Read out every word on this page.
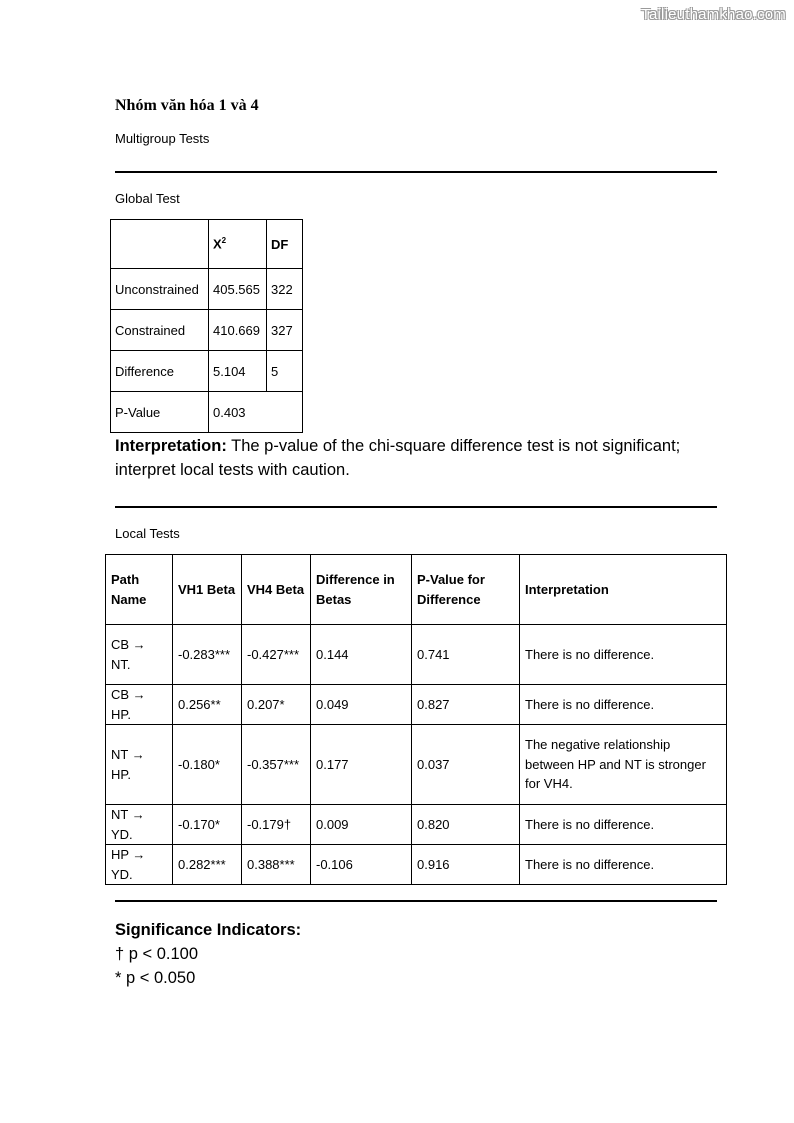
Tailieuthamkhao.com
Nhóm văn hóa 1 và 4
Multigroup Tests
Global Test
	$X^2$	DF
Unconstrained	405.565	322
Constrained	410.669	327
Difference	5.104	5
P-Value	0.403	
Interpretation: The p-value of the chi-square difference test is not significant; interpret local tests with caution.
Local Tests
Path Name	VH1 Beta	VH4 Beta	Difference in Betas	P-Value for Difference	Interpretation
CB → NT.	-0.283***	-0.427***	0.144	0.741	There is no difference.
CB → HP.	0.256**	0.207*	0.049	0.827	There is no difference.
NT → HP.	-0.180*	-0.357***	0.177	0.037	The negative relationship between HP and NT is stronger for VH4.
NT → YD.	-0.170*	-0.179†	0.009	0.820	There is no difference.
HP → YD.	0.282***	0.388***	-0.106	0.916	There is no difference.
Significance Indicators:
† p < 0.100
* p < 0.050
